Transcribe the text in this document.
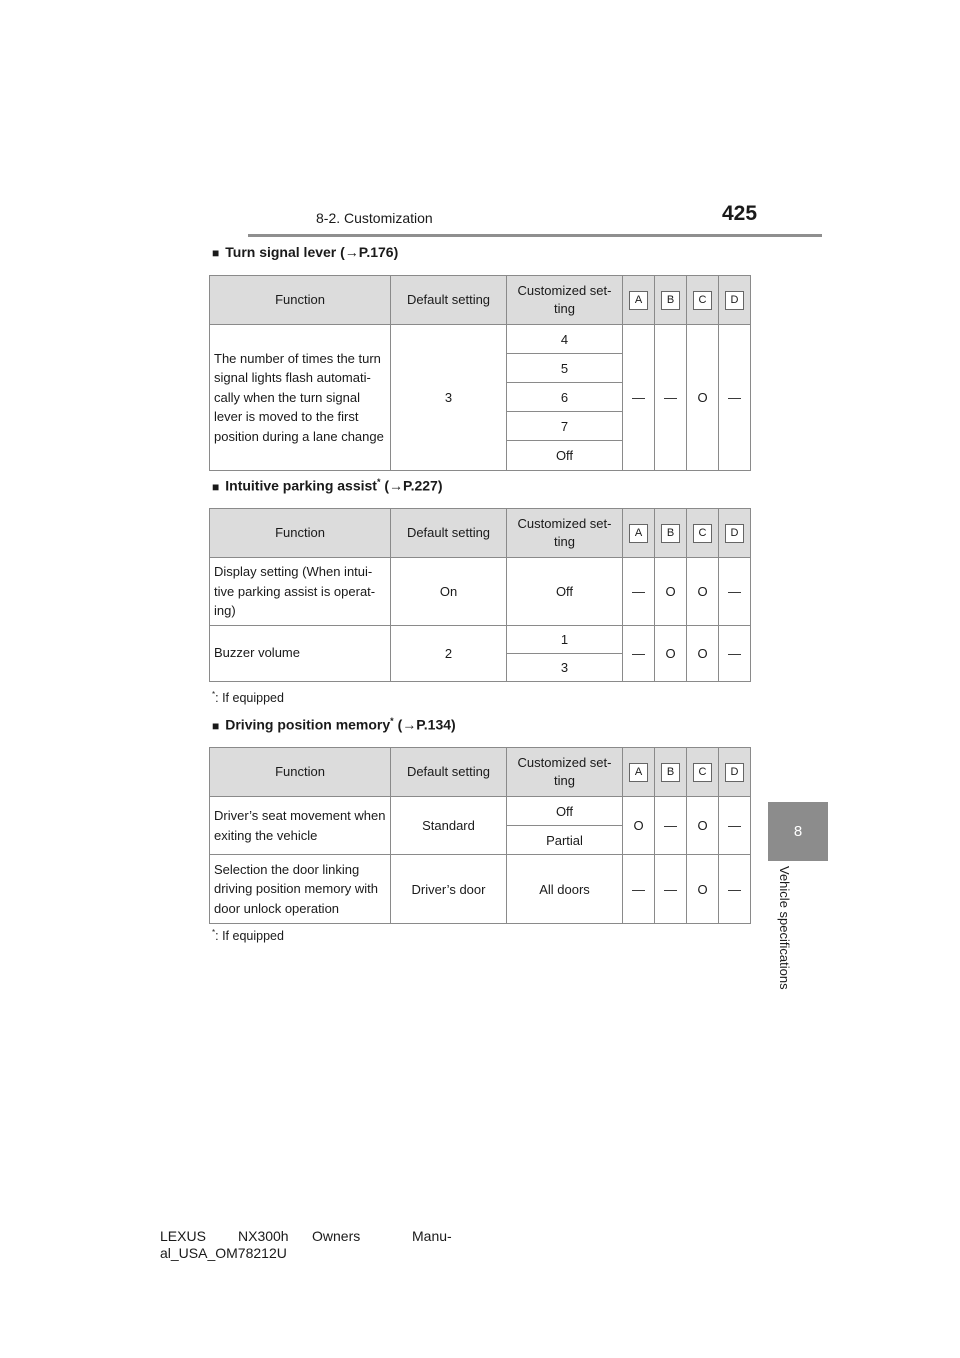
8-2. Customization	425
8
Vehicle specifications
■ Turn signal lever (→P.176)
Function	Default setting	Customized set-
ting	A	B	C	D
The number of times the turn signal lights flash automati-cally when the turn signal lever is moved to the first position during a lane change	3	4	—	—	O	—
		5				
		6				
		7				
		Off				
■ Intuitive parking assist* (→P.227)
Function	Default setting	Customized set-
ting	A	B	C	D
Display setting (When intui-tive parking assist is operat-ing)	On	Off	—	O	O	—
Buzzer volume	2	1	—	O	O	—
		3				
*: If equipped
■ Driving position memory* (→P.134)
Function	Default setting	Customized set-
ting	A	B	C	D
Driver’s seat movement when exiting the vehicle	Standard	Off	O	—	O	—
		Partial				
Selection the door linking driving position memory with door unlock operation	Driver’s door	All doors	—	—	O	—
*: If equipped
LEXUS NX300h Owners	Manu-
al_USA_OM78212U
